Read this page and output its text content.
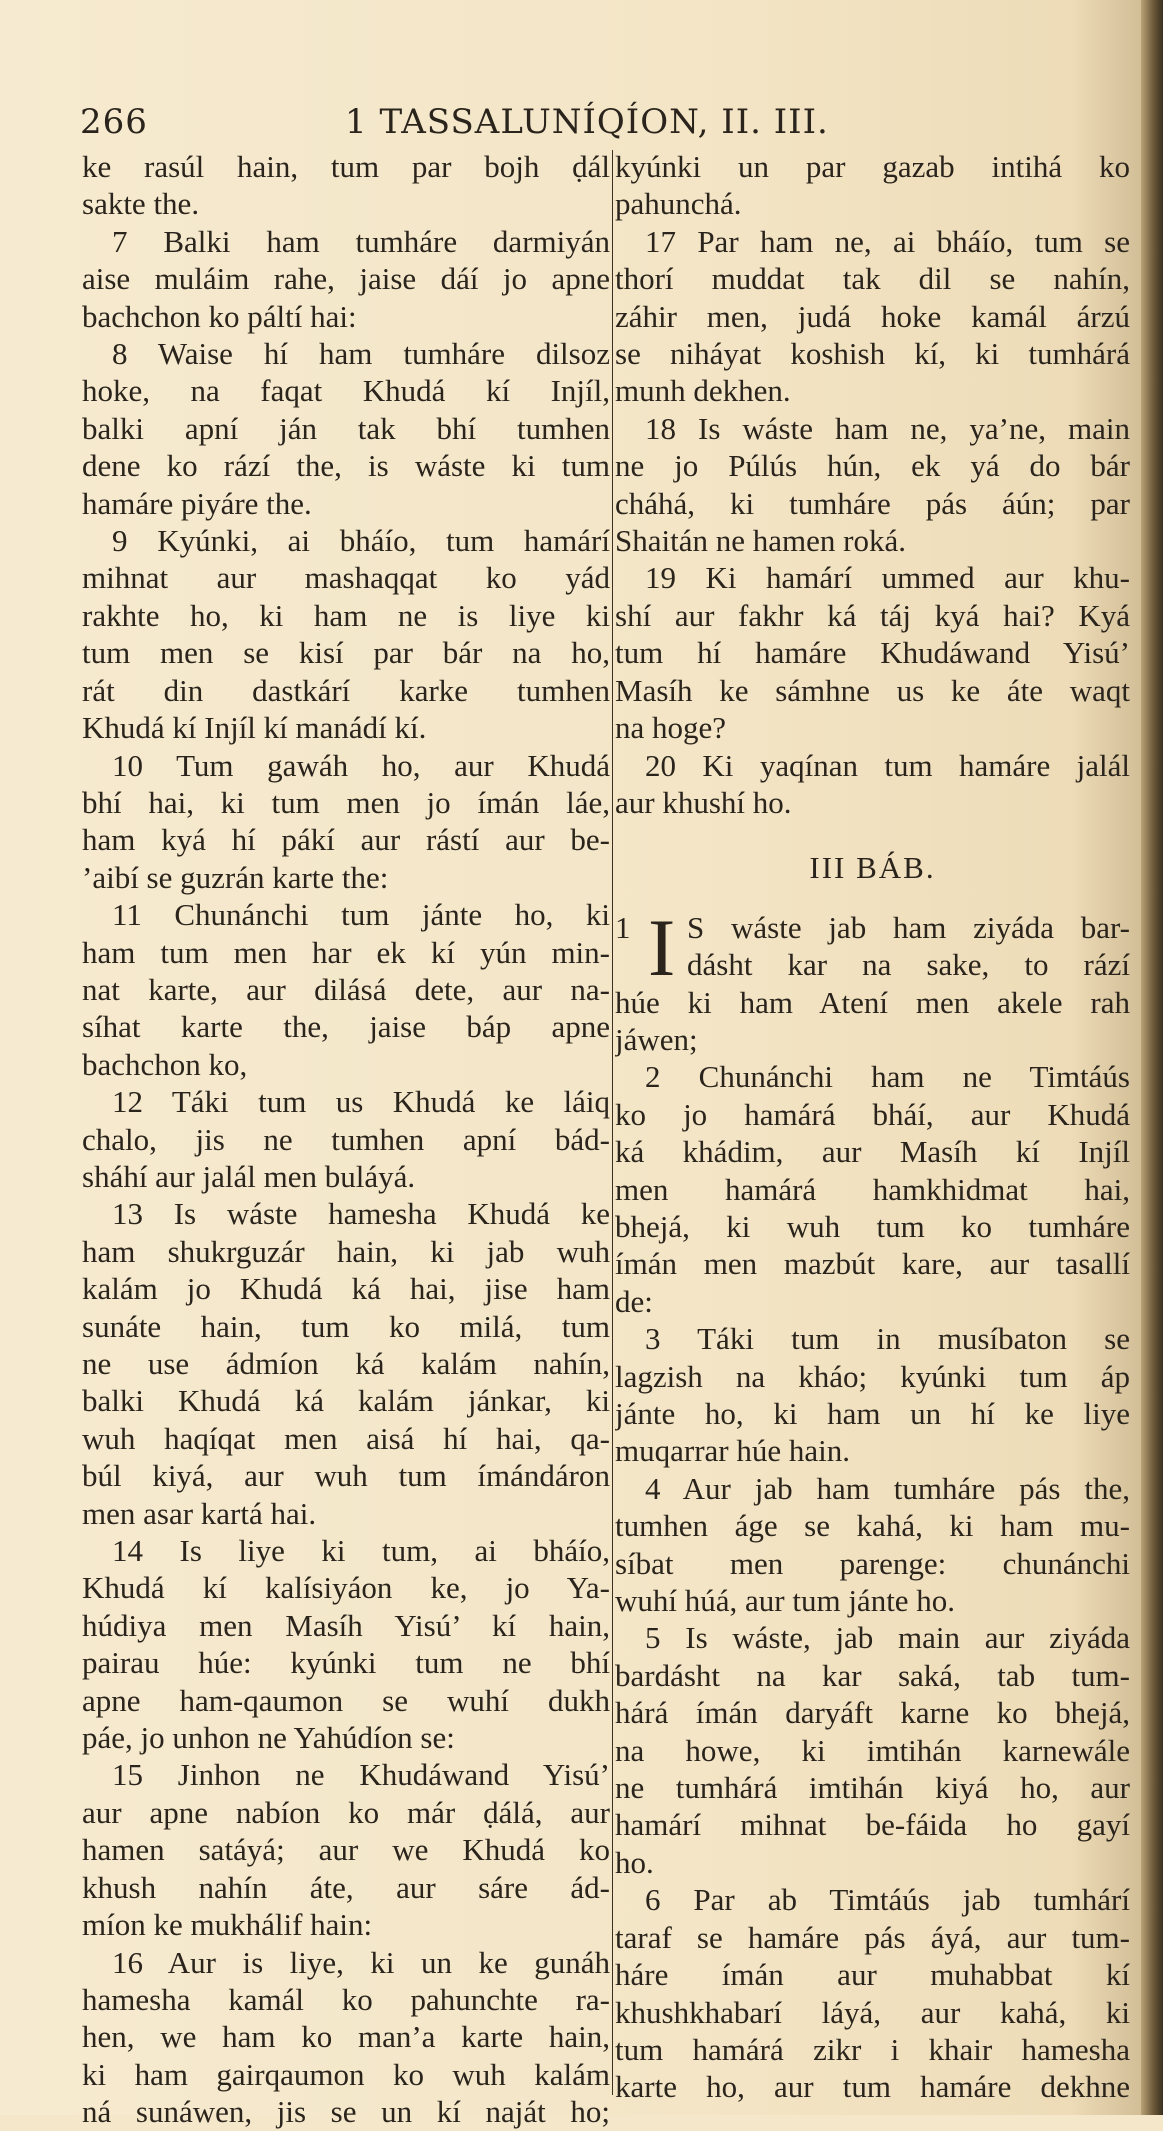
266	1 TASSALUNÍQÍON, II. III.
ke rasúl hain, tum par bojh ḍál
sakte the.
7 Balki ham tumháre darmiyán
aise muláim rahe, jaise dáí jo apne
bachchon ko páltí hai:
8 Waise hí ham tumháre dilsoz
hoke, na faqat Khudá kí Injíl,
balki apní ján tak bhí tumhen
dene ko rází the, is wáste ki tum
hamáre piyáre the.
9 Kyúnki, ai bháío, tum hamárí
mihnat aur mashaqqat ko yád
rakhte ho, ki ham ne is liye ki
tum men se kisí par bár na ho,
rát din dastkárí karke tumhen
Khudá kí Injíl kí manádí kí.
10 Tum gawáh ho, aur Khudá
bhí hai, ki tum men jo ímán láe,
ham kyá hí pákí aur rástí aur be-
’aibí se guzrán karte the:
11 Chunánchi tum jánte ho, ki
ham tum men har ek kí yún min-
nat karte, aur dilásá dete, aur na-
síhat karte the, jaise báp apne
bachchon ko,
12 Táki tum us Khudá ke láiq
chalo, jis ne tumhen apní bád-
sháhí aur jalál men buláyá.
13 Is wáste hamesha Khudá ke
ham shukrguzár hain, ki jab wuh
kalám jo Khudá ká hai, jise ham
sunáte hain, tum ko milá, tum
ne use ádmíon ká kalám nahín,
balki Khudá ká kalám jánkar, ki
wuh haqíqat men aisá hí hai, qa-
búl kiyá, aur wuh tum ímándáron
men asar kartá hai.
14 Is liye ki tum, ai bháío,
Khudá kí kalísiyáon ke, jo Ya-
húdiya men Masíh Yisú’ kí hain,
pairau húe: kyúnki tum ne bhí
apne ham-qaumon se wuhí dukh
páe, jo unhon ne Yahúdíon se:
15 Jinhon ne Khudáwand Yisú’
aur apne nabíon ko már ḍálá, aur
hamen satáyá; aur we Khudá ko
khush nahín áte, aur sáre ád-
míon ke mukhálif hain:
16 Aur is liye, ki un ke gunáh
hamesha kamál ko pahunchte ra-
hen, we ham ko man’a karte hain,
ki ham gairqaumon ko wuh kalám
ná sunáwen, jis se un kí naját ho;
kyúnki un par gazab intihá ko
pahunchá.
17 Par ham ne, ai bháío, tum se
thorí muddat tak dil se nahín,
záhir men, judá hoke kamál árzú
se niháyat koshish kí, ki tumhárá
munh dekhen.
18 Is wáste ham ne, ya’ne, main
ne jo Púlús hún, ek yá do bár
cháhá, ki tumháre pás áún; par
Shaitán ne hamen roká.
19 Ki hamárí ummed aur khu-
shí aur fakhr ká táj kyá hai? Kyá
tum hí hamáre Khudáwand Yisú’
Masíh ke sámhne us ke áte waqt
na hoge?
20 Ki yaqínan tum hamáre jalál
aur khushí ho.
III BÁB.
1 I S wáste jab ham ziyáda bar-
dásht kar na sake, to rází
húe ki ham Atení men akele rah
jáwen;
2 Chunánchi ham ne Timtáús
ko jo hamárá bháí, aur Khudá
ká khádim, aur Masíh kí Injíl
men hamárá hamkhidmat hai,
bhejá, ki wuh tum ko tumháre
ímán men mazbút kare, aur tasallí
de:
3 Táki tum in musíbaton se
lagzish na kháo; kyúnki tum áp
jánte ho, ki ham un hí ke liye
muqarrar húe hain.
4 Aur jab ham tumháre pás the,
tumhen áge se kahá, ki ham mu-
síbat men parenge: chunánchi
wuhí húá, aur tum jánte ho.
5 Is wáste, jab main aur ziyáda
bardásht na kar saká, tab tum-
hárá ímán daryáft karne ko bhejá,
na howe, ki imtihán karnewále
ne tumhárá imtihán kiyá ho, aur
hamárí mihnat be-fáida ho gayí
ho.
6 Par ab Timtáús jab tumhárí
taraf se hamáre pás áyá, aur tum-
háre ímán aur muhabbat kí
khushkhabarí láyá, aur kahá, ki
tum hamárá zikr i khair hamesha
karte ho, aur tum hamáre dekhne
